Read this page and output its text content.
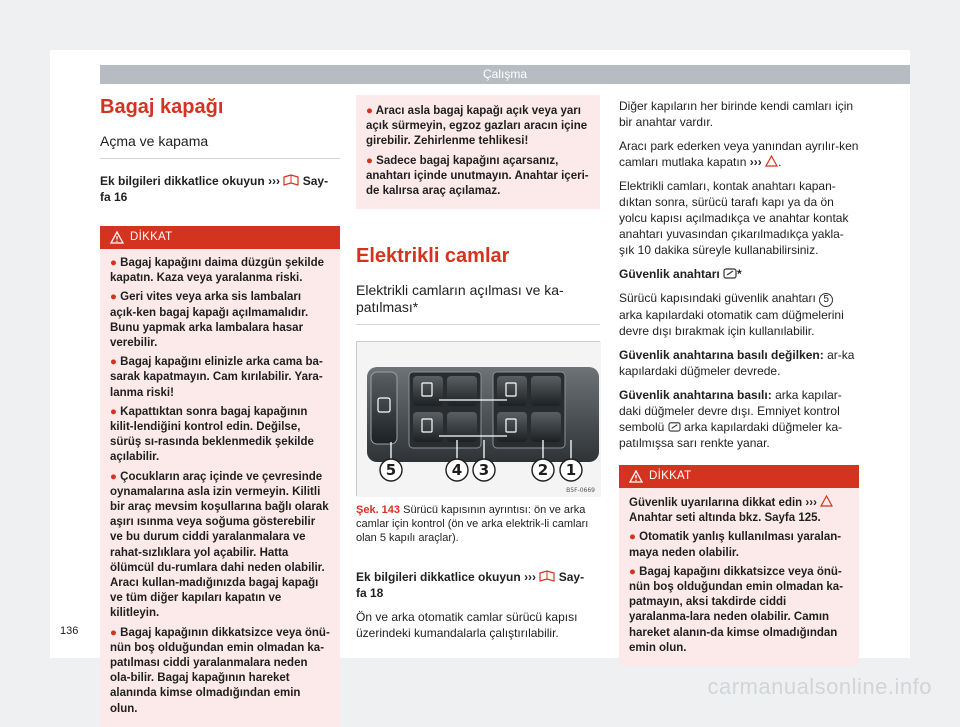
Çalışma
Bagaj kapağı
Açma ve kapama
Ek bilgileri dikkatlice okuyun ››› Say-
fa 16
DİKKAT
● Bagaj kapağını daima düzgün şekilde kapatın. Kaza veya yaralanma riski.
● Geri vites veya arka sis lambaları açık-ken bagaj kapağı açılmamalıdır. Bunu yapmak arka lambalara hasar verebilir.
● Bagaj kapağını elinizle arka cama ba-sarak kapatmayın. Cam kırılabilir. Yara-lanma riski!
● Kapattıktan sonra bagaj kapağının kilit-lendiğini kontrol edin. Değilse, sürüş sı-rasında beklenmedik şekilde açılabilir.
● Çocukların araç içinde ve çevresinde oynamalarına asla izin vermeyin. Kilitli bir araç mevsim koşullarına bağlı olarak aşırı ısınma veya soğuma gösterebilir ve bu durum ciddi yaralanmalara ve rahat-sızlıklara yol açabilir. Hatta ölümcül du-rumlara dahi neden olabilir. Aracı kullan-madığınızda bagaj kapağı ve tüm diğer kapıları kapatın ve kilitleyin.
● Bagaj kapağının dikkatsizce veya önü-nün boş olduğundan emin olmadan ka-patılması ciddi yaralanmalara neden ola-bilir. Bagaj kapağının hareket alanında kimse olmadığından emin olun.
● Aracı asla bagaj kapağı açık veya yarı açık sürmeyin, egzoz gazları aracın içine girebilir. Zehirlenme tehlikesi!
● Sadece bagaj kapağını açarsanız, anahtarı içinde unutmayın. Anahtar içeri-de kalırsa araç açılamaz.
Elektrikli camlar
Elektrikli camların açılması ve ka-patılması*
5	4 3	2 1
B5F-0669
Şek. 143 Sürücü kapısının ayrıntısı: ön ve arka camlar için kontrol (ön ve arka elektrik-li camları olan 5 kapılı araçlar).
Ek bilgileri dikkatlice okuyun ››› Say-
fa 18
Ön ve arka otomatik camlar sürücü kapısı üzerindeki kumandalarla çalıştırılabilir.
Diğer kapıların her birinde kendi camları için bir anahtar vardır.
Aracı park ederken veya yanından ayrılır-ken camları mutlaka kapatın ››› .
Elektrikli camları, kontak anahtarı kapan-dıktan sonra, sürücü tarafı kapı ya da ön yolcu kapısı açılmadıkça ve anahtar kontak anahtarı yuvasından çıkarılmadıkça yakla-şık 10 dakika süreyle kullanabilirsiniz.
Güvenlik anahtarı *
Sürücü kapısındaki güvenlik anahtarı 5 arka kapılardaki otomatik cam düğmelerini devre dışı bırakmak için kullanılabilir.
Güvenlik anahtarına basılı değilken: ar-ka kapılardaki düğmeler devrede.
Güvenlik anahtarına basılı: arka kapılar-daki düğmeler devre dışı. Emniyet kontrol sembolü arka kapılardaki düğmeler ka-patılmışsa sarı renkte yanar.
DİKKAT
Güvenlik uyarılarına dikkat edin ›››
Anahtar seti altında bkz. Sayfa 125.
● Otomatik yanlış kullanılması yaralan-maya neden olabilir.
● Bagaj kapağını dikkatsizce veya önü-nün boş olduğundan emin olmadan ka-patmayın, aksi takdirde ciddi yaralanma-lara neden olabilir. Camın hareket alanın-da kimse olmadığından emin olun.
136
carmanualsonline.info
